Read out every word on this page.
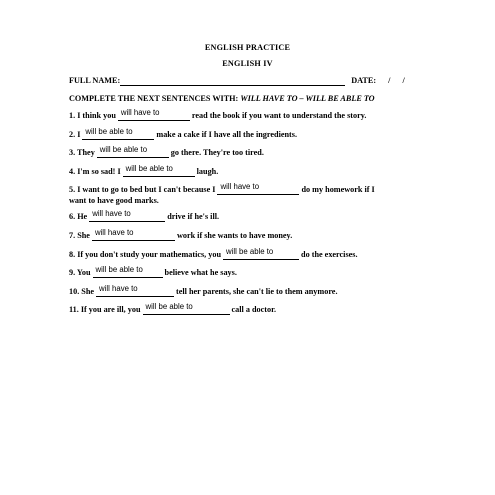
ENGLISH PRACTICE
ENGLISH IV
FULL NAME:	DATE: / /
COMPLETE THE NEXT SENTENCES WITH: WILL HAVE TO – WILL BE ABLE TO
1. I think you will have to	read the book if you want to understand the story.
2. I will be able to	make a cake if I have all the ingredients.
3. They will be able to	go there. They're too tired.
4. I'm so sad! I will be able to	laugh.
5. I want to go to bed but I can't because I will have to	do my homework if I
want to have good marks.
6. He will have to	drive if he's ill.
7. She will have to	work if she wants to have money.
8. If you don't study your mathematics, you will be able to	do the exercises.
9. You will be able to	believe what he says.
10. She will have to	tell her parents, she can't lie to them anymore.
11. If you are ill, you will be able to	call a doctor.
